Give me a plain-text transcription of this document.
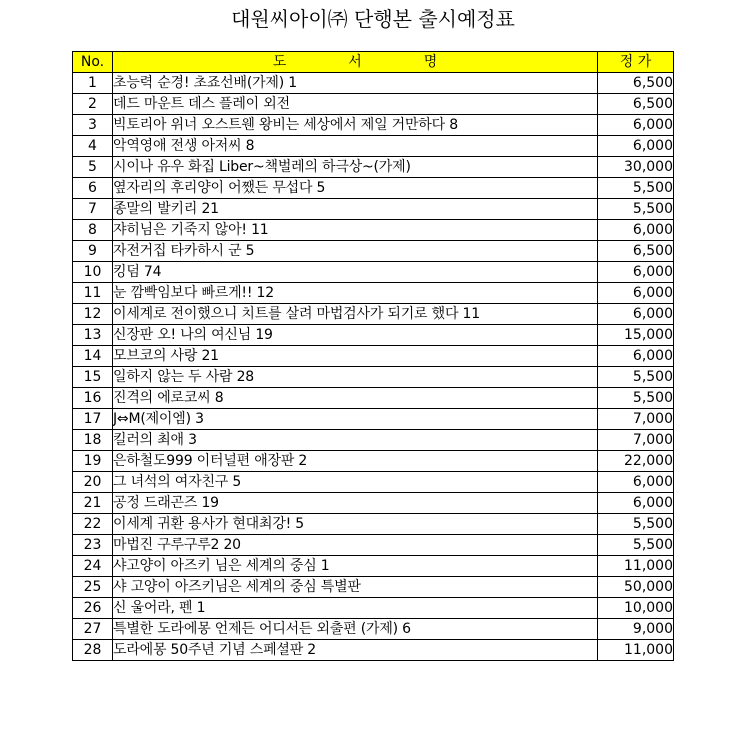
대원씨아이㈜ 단행본 출시예정표
No.	도 서 명	정 가
1	초능력 순경! 초죠선배(가제) 1	6,500
2	데드 마운트 데스 플레이 외전	6,500
3	빅토리아 위너 오스트웬 왕비는 세상에서 제일 거만하다 8	6,000
4	악역영애 전생 아저씨 8	6,000
5	시이나 유우 화집 Liber~책벌레의 하극상~(가제)	30,000
6	옆자리의 후리양이 어쨌든 무섭다 5	5,500
7	종말의 발키리 21	5,500
8	쟈히님은 기죽지 않아! 11	6,000
9	자전거집 타카하시 군 5	6,500
10	킹덤 74	6,000
11	눈 깜빡임보다 빠르게!! 12	6,000
12	이세계로 전이했으니 치트를 살려 마법검사가 되기로 했다 11	6,000
13	신장판 오! 나의 여신님 19	15,000
14	모브코의 사랑 21	6,000
15	일하지 않는 두 사람 28	5,500
16	진격의 에로코씨 8	5,500
17	J⇔M(제이엠) 3	7,000
18	킬러의 최애 3	7,000
19	은하철도999 이터널편 애장판 2	22,000
20	그 녀석의 여자친구 5	6,000
21	공정 드래곤즈 19	6,000
22	이세계 귀환 용사가 현대최강! 5	5,500
23	마법진 구루구루2 20	5,500
24	샤고양이 아즈키 님은 세계의 중심 1	11,000
25	샤 고양이 아즈키님은 세계의 중심 특별판	50,000
26	신 울어라, 펜 1	10,000
27	특별한 도라에몽 언제든 어디서든 외출편 (가제) 6	9,000
28	도라에몽 50주년 기념 스페셜판 2	11,000
